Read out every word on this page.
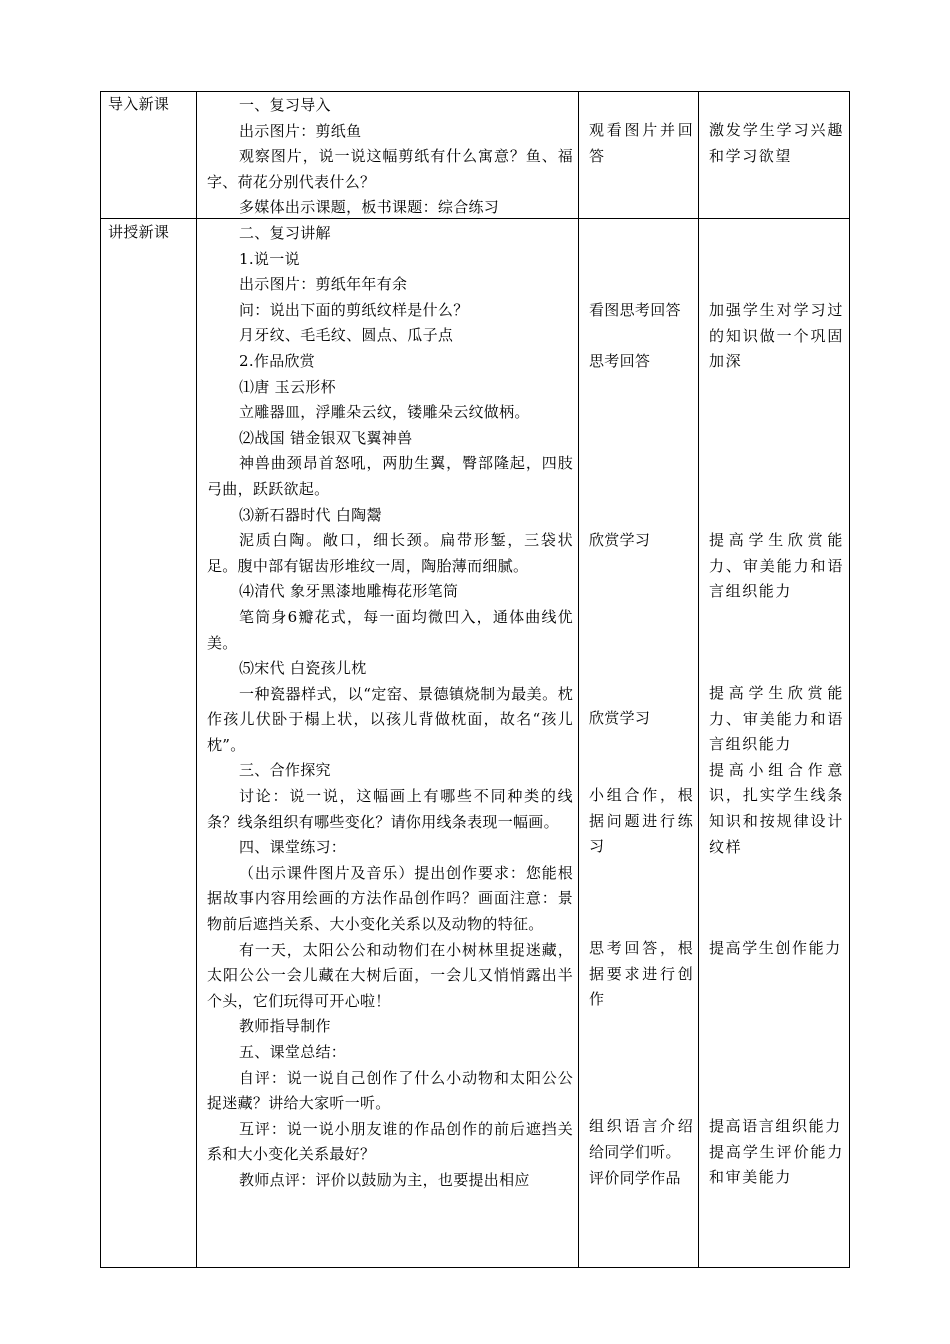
导入新课	一、复习导入
出示图片：剪纸鱼
观察图片，说一说这幅剪纸有什么寓意？鱼、福字、荷花分别代表什么？
多媒体出示课题，板书课题：综合练习
观看图片并回答
激发学生学习兴趣和学习欲望
讲授新课	二、复习讲解
1.说一说
出示图片：剪纸年年有余
问：说出下面的剪纸纹样是什么？
月牙纹、毛毛纹、圆点、瓜子点
2.作品欣赏
⑴唐 玉云形杯
立雕器皿，浮雕朵云纹，镂雕朵云纹做柄。
⑵战国 错金银双飞翼神兽
神兽曲颈昂首怒吼，两肋生翼，臀部隆起，四肢弓曲，跃跃欲起。
⑶新石器时代 白陶鬶
泥质白陶。敞口，细长颈。扁带形錾，三袋状足。腹中部有锯齿形堆纹一周，陶胎薄而细腻。
⑷清代 象牙黑漆地雕梅花形笔筒
笔筒身6瓣花式，每一面均微凹入，通体曲线优美。
⑸宋代 白瓷孩儿枕
一种瓷器样式，以“定窑、景德镇烧制为最美。枕作孩儿伏卧于榻上状，以孩儿背做枕面，故名“孩儿枕”。
三、合作探究
讨论：说一说，这幅画上有哪些不同种类的线条？线条组织有哪些变化？请你用线条表现一幅画。
四、课堂练习：
（出示课件图片及音乐）提出创作要求：您能根据故事内容用绘画的方法作品创作吗？画面注意：景物前后遮挡关系、大小变化关系以及动物的特征。
有一天，太阳公公和动物们在小树林里捉迷藏，太阳公公一会儿藏在大树后面，一会儿又悄悄露出半个头，它们玩得可开心啦！
教师指导制作
五、课堂总结：
自评：说一说自己创作了什么小动物和太阳公公捉迷藏？讲给大家听一听。
互评：说一说小朋友谁的作品创作的前后遮挡关系和大小变化关系最好？
教师点评：评价以鼓励为主，也要提出相应
看图思考回答
思考回答
欣赏学习
欣赏学习
小组合作，根据问题进行练习
思考回答，根据要求进行创作
组织语言介绍给同学们听。
评价同学作品
加强学生对学习过的知识做一个巩固加深
提高学生欣赏能力、审美能力和语言组织能力
提高学生欣赏能力、审美能力和语言组织能力
提高小组合作意识，扎实学生线条知识和按规律设计纹样
提高学生创作能力
提高语言组织能力
提高学生评价能力和审美能力
